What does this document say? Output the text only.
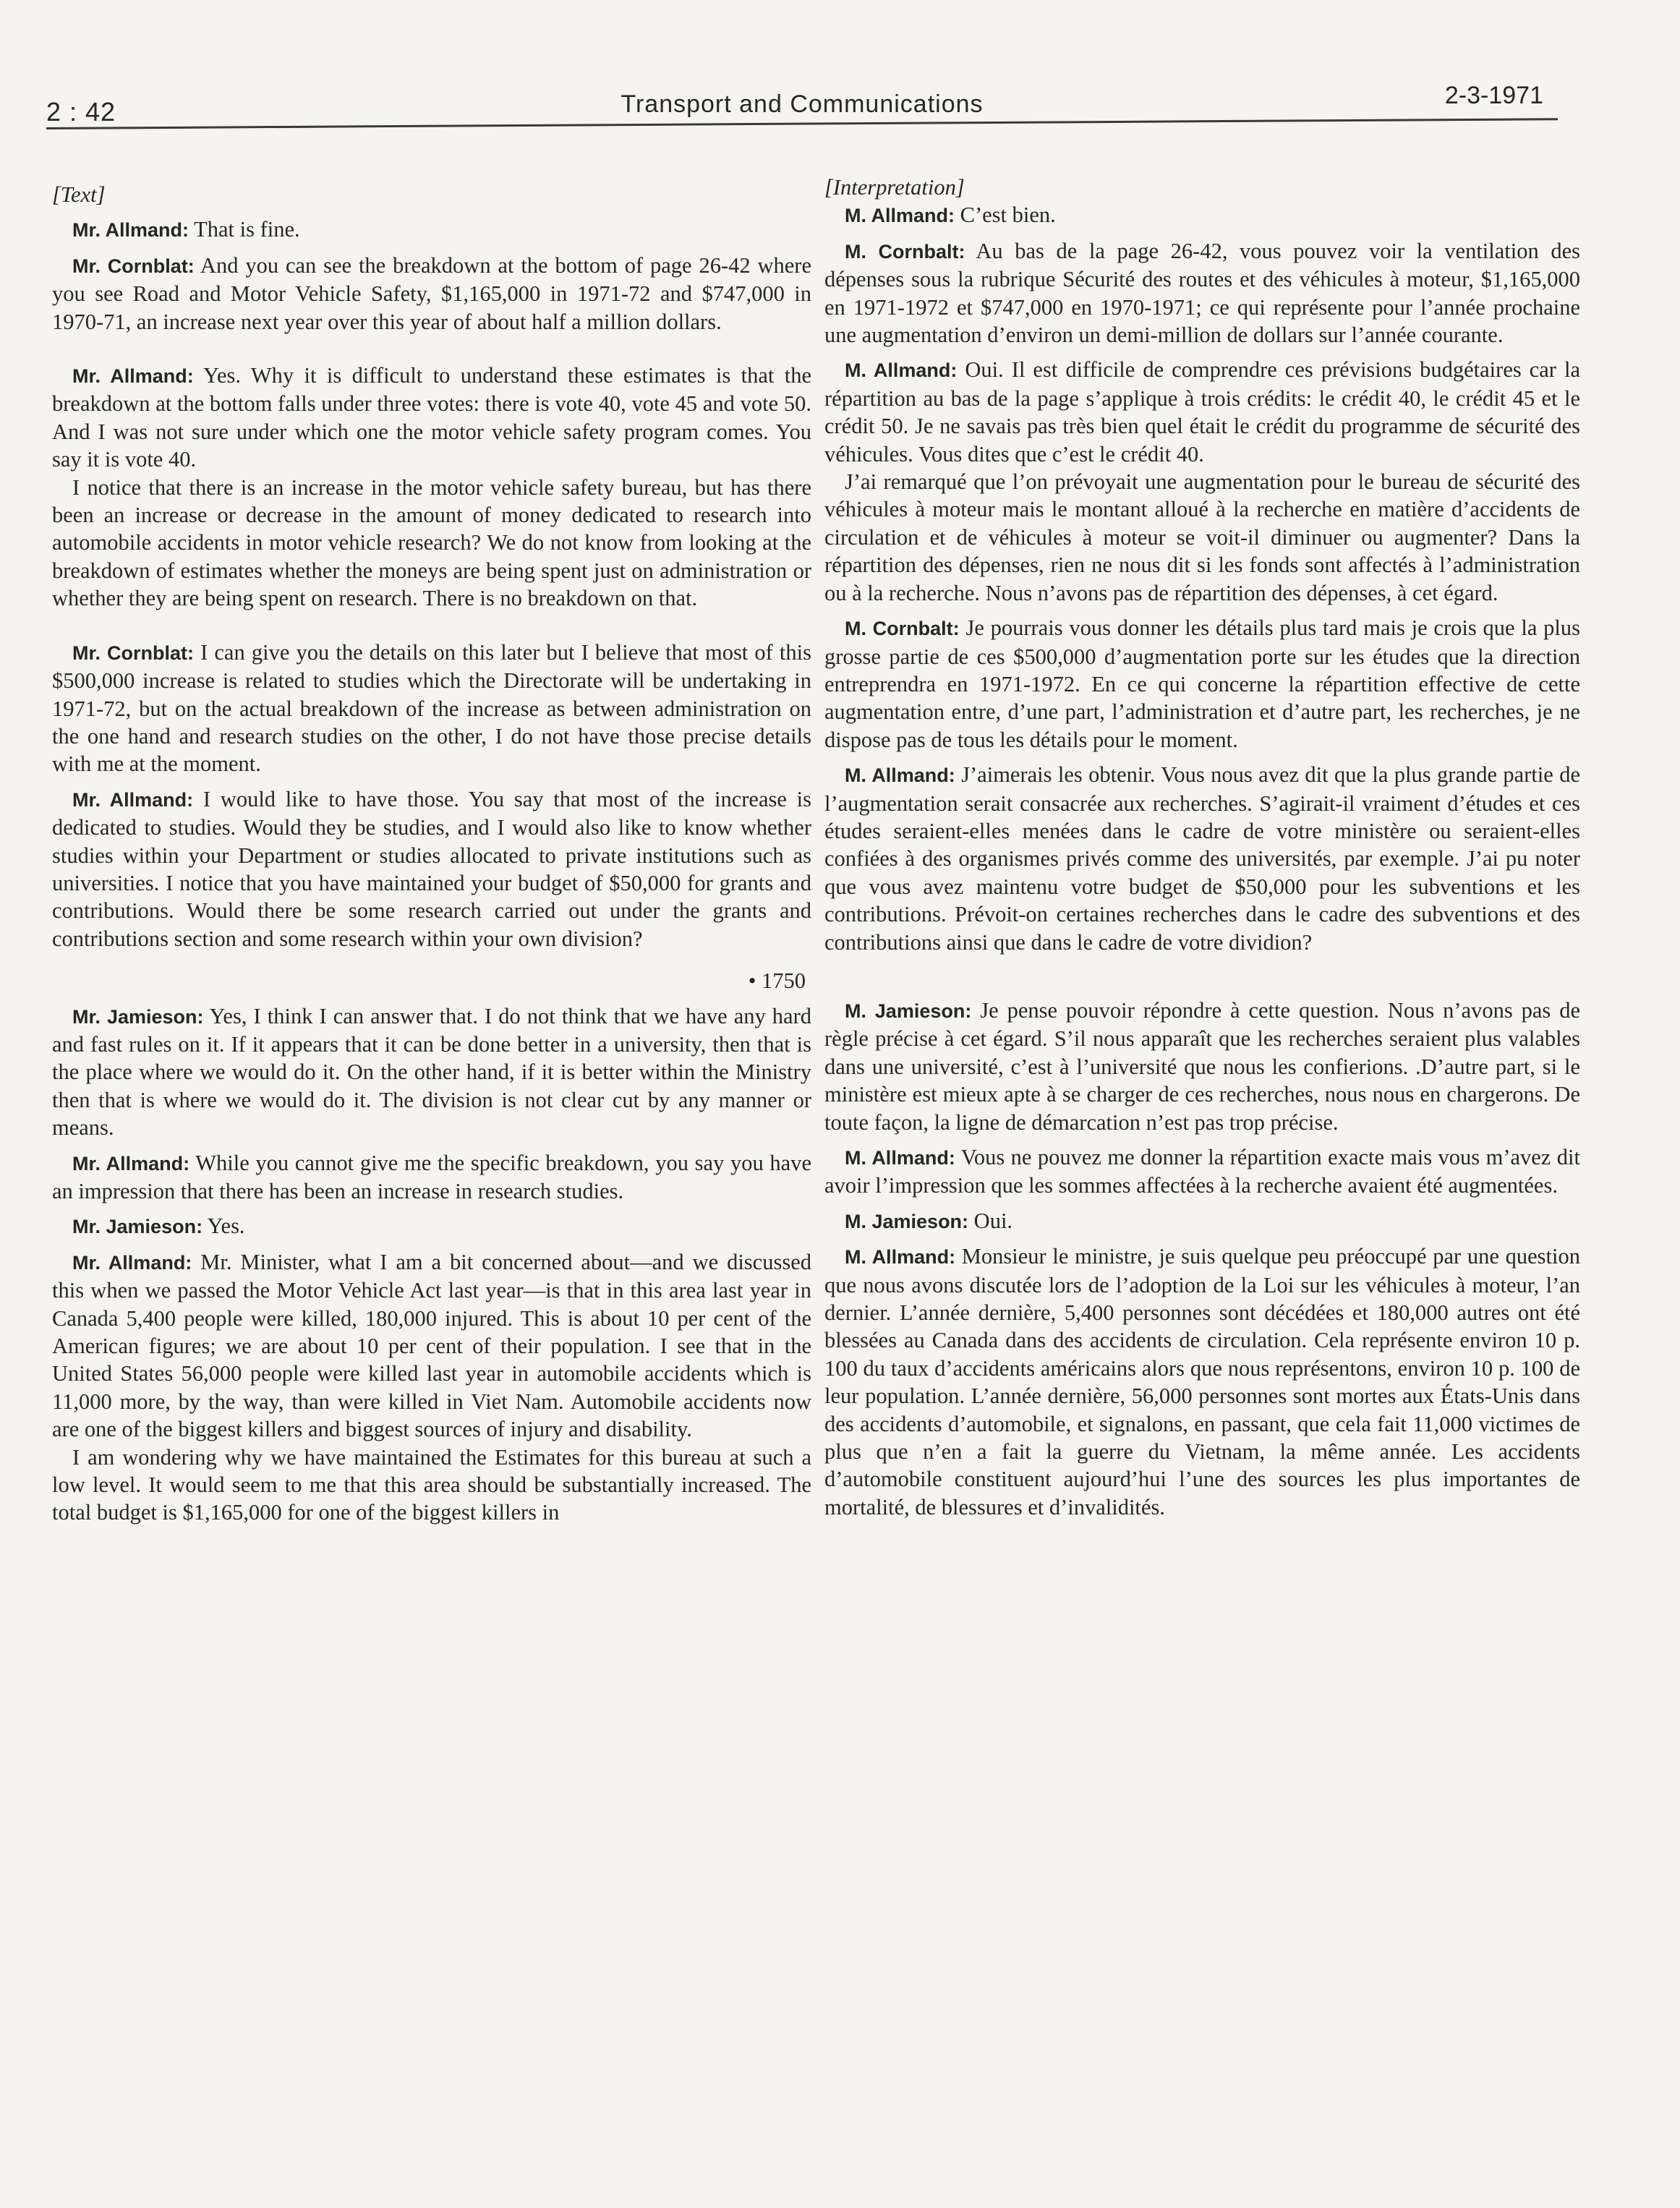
2 : 42	Transport and Communications	2-3-1971

[Text]

Mr. Allmand: That is fine.

Mr. Cornblat: And you can see the breakdown at the bottom of page 26-42 where you see Road and Motor Vehicle Safety, $1,165,000 in 1971-72 and $747,000 in 1970-71, an increase next year over this year of about half a million dollars.

Mr. Allmand: Yes. Why it is difficult to understand these estimates is that the breakdown at the bottom falls under three votes: there is vote 40, vote 45 and vote 50. And I was not sure under which one the motor vehicle safety program comes. You say it is vote 40.

I notice that there is an increase in the motor vehicle safety bureau, but has there been an increase or decrease in the amount of money dedicated to research into automobile accidents in motor vehicle research? We do not know from looking at the breakdown of estimates whether the moneys are being spent just on administration or whether they are being spent on research. There is no breakdown on that.

Mr. Cornblat: I can give you the details on this later but I believe that most of this $500,000 increase is related to studies which the Directorate will be undertaking in 1971-72, but on the actual breakdown of the increase as between administration on the one hand and research studies on the other, I do not have those precise details with me at the moment.

Mr. Allmand: I would like to have those. You say that most of the increase is dedicated to studies. Would they be studies, and I would also like to know whether studies within your Department or studies allocated to private institutions such as universities. I notice that you have maintained your budget of $50,000 for grants and contributions. Would there be some research carried out under the grants and contributions section and some research within your own division?

• 1750

Mr. Jamieson: Yes, I think I can answer that. I do not think that we have any hard and fast rules on it. If it appears that it can be done better in a university, then that is the place where we would do it. On the other hand, if it is better within the Ministry then that is where we would do it. The division is not clear cut by any manner or means.

Mr. Allmand: While you cannot give me the specific breakdown, you say you have an impression that there has been an increase in research studies.

Mr. Jamieson: Yes.

Mr. Allmand: Mr. Minister, what I am a bit concerned about—and we discussed this when we passed the Motor Vehicle Act last year—is that in this area last year in Canada 5,400 people were killed, 180,000 injured. This is about 10 per cent of the American figures; we are about 10 per cent of their population. I see that in the United States 56,000 people were killed last year in automobile accidents which is 11,000 more, by the way, than were killed in Viet Nam. Automobile accidents now are one of the biggest killers and biggest sources of injury and disability.

I am wondering why we have maintained the Estimates for this bureau at such a low level. It would seem to me that this area should be substantially increased. The total budget is $1,165,000 for one of the biggest killers in

[Interpretation]

M. Allmand: C’est bien.

M. Cornbalt: Au bas de la page 26-42, vous pouvez voir la ventilation des dépenses sous la rubrique Sécurité des routes et des véhicules à moteur, $1,165,000 en 1971-1972 et $747,000 en 1970-1971; ce qui représente pour l’année prochaine une augmentation d’environ un demi-million de dollars sur l’année courante.

M. Allmand: Oui. Il est difficile de comprendre ces prévisions budgétaires car la répartition au bas de la page s’applique à trois crédits: le crédit 40, le crédit 45 et le crédit 50. Je ne savais pas très bien quel était le crédit du programme de sécurité des véhicules. Vous dites que c’est le crédit 40.

J’ai remarqué que l’on prévoyait une augmentation pour le bureau de sécurité des véhicules à moteur mais le montant alloué à la recherche en matière d’accidents de circulation et de véhicules à moteur se voit-il diminuer ou augmenter? Dans la répartition des dépenses, rien ne nous dit si les fonds sont affectés à l’administration ou à la recherche. Nous n’avons pas de répartition des dépenses, à cet égard.

M. Cornbalt: Je pourrais vous donner les détails plus tard mais je crois que la plus grosse partie de ces $500,000 d’augmentation porte sur les études que la direction entreprendra en 1971-1972. En ce qui concerne la répartition effective de cette augmentation entre, d’une part, l’administration et d’autre part, les recherches, je ne dispose pas de tous les détails pour le moment.

M. Allmand: J’aimerais les obtenir. Vous nous avez dit que la plus grande partie de l’augmentation serait consacrée aux recherches. S’agirait-il vraiment d’études et ces études seraient-elles menées dans le cadre de votre ministère ou seraient-elles confiées à des organismes privés comme des universités, par exemple. J’ai pu noter que vous avez maintenu votre budget de $50,000 pour les subventions et les contributions. Prévoit-on certaines recherches dans le cadre des subventions et des contributions ainsi que dans le cadre de votre dividion?

M. Jamieson: Je pense pouvoir répondre à cette question. Nous n’avons pas de règle précise à cet égard. S’il nous apparaît que les recherches seraient plus valables dans une université, c’est à l’université que nous les confierions. .D’autre part, si le ministère est mieux apte à se charger de ces recherches, nous nous en chargerons. De toute façon, la ligne de démarcation n’est pas trop précise.

M. Allmand: Vous ne pouvez me donner la répartition exacte mais vous m’avez dit avoir l’impression que les sommes affectées à la recherche avaient été augmentées.

M. Jamieson: Oui.

M. Allmand: Monsieur le ministre, je suis quelque peu préoccupé par une question que nous avons discutée lors de l’adoption de la Loi sur les véhicules à moteur, l’an dernier. L’année dernière, 5,400 personnes sont décédées et 180,000 autres ont été blessées au Canada dans des accidents de circulation. Cela représente environ 10 p. 100 du taux d’accidents américains alors que nous représentons, environ 10 p. 100 de leur population. L’année dernière, 56,000 personnes sont mortes aux États-Unis dans des accidents d’automobile, et signalons, en passant, que cela fait 11,000 victimes de plus que n’en a fait la guerre du Vietnam, la même année. Les accidents d’automobile constituent aujourd’hui l’une des sources les plus importantes de mortalité, de blessures et d’invalidités.
